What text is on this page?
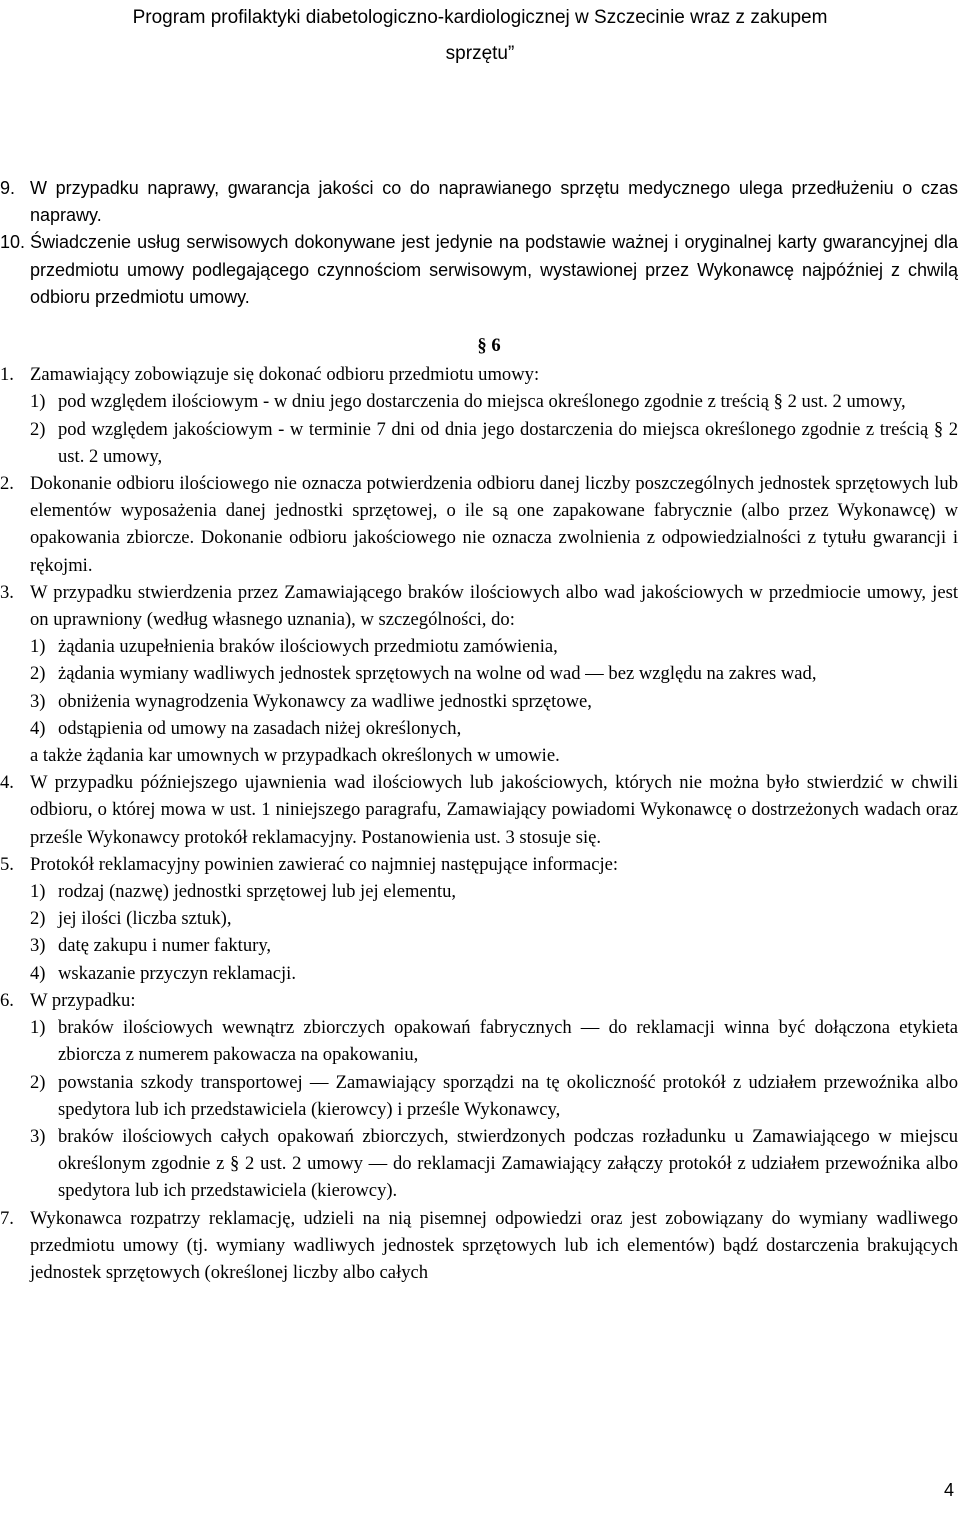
Program profilaktyki diabetologiczno-kardiologicznej w Szczecinie wraz z zakupem
sprzętu”
9. W przypadku naprawy, gwarancja jakości co do naprawianego sprzętu medycznego ulega przedłużeniu o czas naprawy.
10. Świadczenie usług serwisowych dokonywane jest jedynie na podstawie ważnej i oryginalnej karty gwarancyjnej dla przedmiotu umowy podlegającego czynnościom serwisowym, wystawionej przez Wykonawcę najpóźniej z chwilą odbioru przedmiotu umowy.
§ 6
1. Zamawiający zobowiązuje się dokonać odbioru przedmiotu umowy:
1) pod względem ilościowym - w dniu jego dostarczenia do miejsca określonego zgodnie z treścią § 2 ust. 2 umowy,
2) pod względem jakościowym - w terminie 7 dni od dnia jego dostarczenia do miejsca określonego zgodnie z treścią § 2 ust. 2 umowy,
2. Dokonanie odbioru ilościowego nie oznacza potwierdzenia odbioru danej liczby poszczególnych jednostek sprzętowych lub elementów wyposażenia danej jednostki sprzętowej, o ile są one zapakowane fabrycznie (albo przez Wykonawcę) w opakowania zbiorcze. Dokonanie odbioru jakościowego nie oznacza zwolnienia z odpowiedzialności z tytułu gwarancji i rękojmi.
3. W przypadku stwierdzenia przez Zamawiającego braków ilościowych albo wad jakościowych w przedmiocie umowy, jest on uprawniony (według własnego uznania), w szczególności, do:
1) żądania uzupełnienia braków ilościowych przedmiotu zamówienia,
2) żądania wymiany wadliwych jednostek sprzętowych na wolne od wad — bez względu na zakres wad,
3) obniżenia wynagrodzenia Wykonawcy za wadliwe jednostki sprzętowe,
4) odstąpienia od umowy na zasadach niżej określonych,
a także żądania kar umownych w przypadkach określonych w umowie.
4. W przypadku późniejszego ujawnienia wad ilościowych lub jakościowych, których nie można było stwierdzić w chwili odbioru, o której mowa w ust. 1 niniejszego paragrafu, Zamawiający powiadomi Wykonawcę o dostrzeżonych wadach oraz prześle Wykonawcy protokół reklamacyjny. Postanowienia ust. 3 stosuje się.
5. Protokół reklamacyjny powinien zawierać co najmniej następujące informacje:
1) rodzaj (nazwę) jednostki sprzętowej lub jej elementu,
2) jej ilości (liczba sztuk),
3) datę zakupu i numer faktury,
4) wskazanie przyczyn reklamacji.
6. W przypadku:
1) braków ilościowych wewnątrz zbiorczych opakowań fabrycznych — do reklamacji winna być dołączona etykieta zbiorcza z numerem pakowacza na opakowaniu,
2) powstania szkody transportowej — Zamawiający sporządzi na tę okoliczność protokół z udziałem przewoźnika albo spedytora lub ich przedstawiciela (kierowcy) i prześle Wykonawcy,
3) braków ilościowych całych opakowań zbiorczych, stwierdzonych podczas rozładunku u Zamawiającego w miejscu określonym zgodnie z § 2 ust. 2 umowy — do reklamacji Zamawiający załączy protokół z udziałem przewoźnika albo spedytora lub ich przedstawiciela (kierowcy).
7. Wykonawca rozpatrzy reklamację, udzieli na nią pisemnej odpowiedzi oraz jest zobowiązany do wymiany wadliwego przedmiotu umowy (tj. wymiany wadliwych jednostek sprzętowych lub ich elementów) bądź dostarczenia brakujących jednostek sprzętowych (określonej liczby albo całych
4
